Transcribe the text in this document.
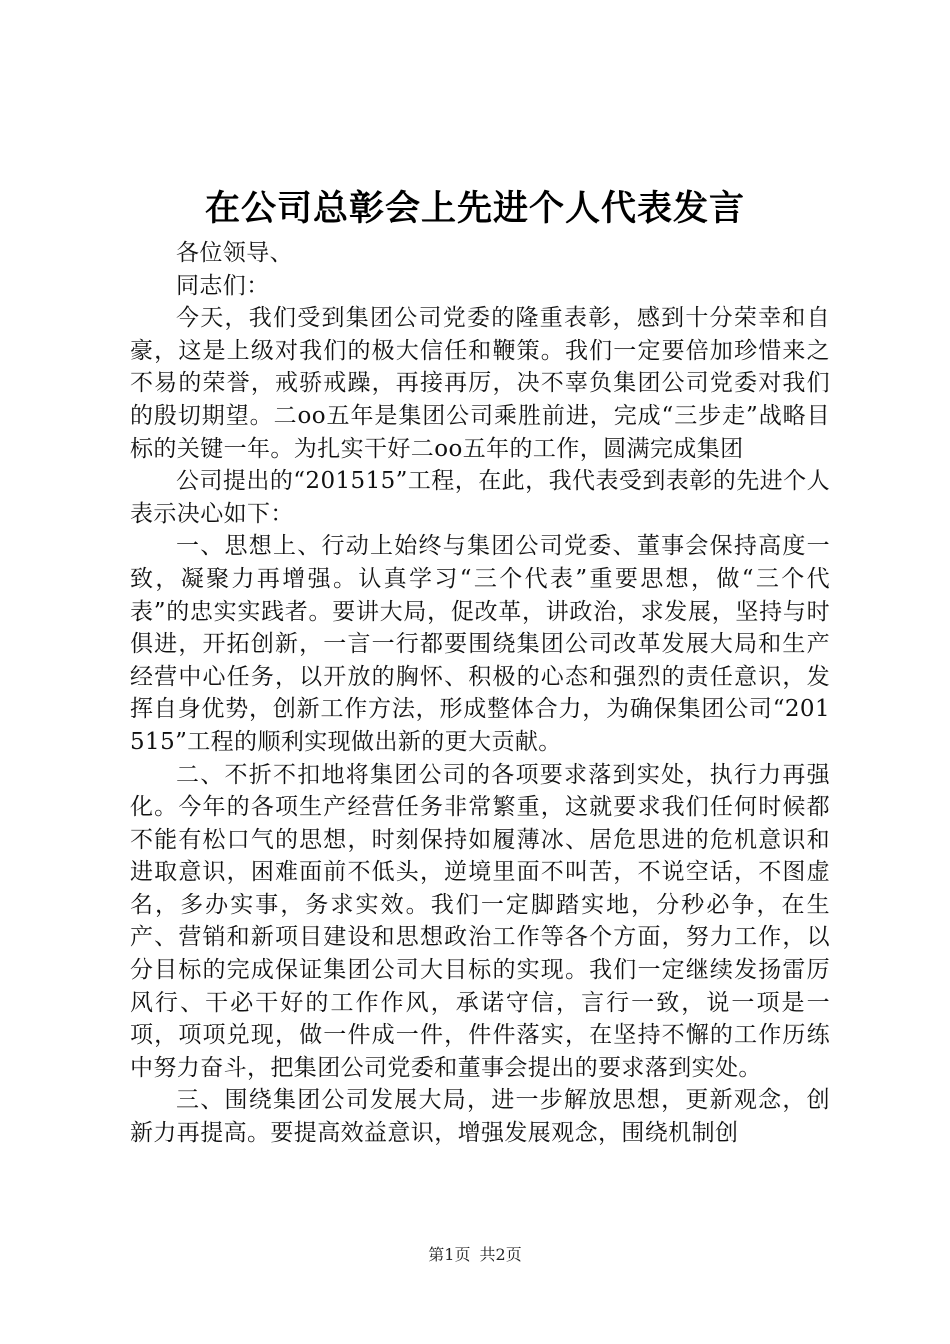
在公司总彰会上先进个人代表发言

各位领导、

同志们：

今天，我们受到集团公司党委的隆重表彰，感到十分荣幸和自豪，这是上级对我们的极大信任和鞭策。我们一定要倍加珍惜来之不易的荣誉，戒骄戒躁，再接再厉，决不辜负集团公司党委对我们的殷切期望。二oo五年是集团公司乘胜前进，完成“三步走”战略目标的关键一年。为扎实干好二oo五年的工作，圆满完成集团

公司提出的“201515”工程，在此，我代表受到表彰的先进个人表示决心如下：

一、思想上、行动上始终与集团公司党委、董事会保持高度一致，凝聚力再增强。认真学习“三个代表”重要思想，做“三个代表”的忠实实践者。要讲大局，促改革，讲政治，求发展，坚持与时俱进，开拓创新，一言一行都要围绕集团公司改革发展大局和生产经营中心任务，以开放的胸怀、积极的心态和强烈的责任意识，发挥自身优势，创新工作方法，形成整体合力，为确保集团公司“201515”工程的顺利实现做出新的更大贡献。

二、不折不扣地将集团公司的各项要求落到实处，执行力再强化。今年的各项生产经营任务非常繁重，这就要求我们任何时候都不能有松口气的思想，时刻保持如履薄冰、居危思进的危机意识和进取意识，困难面前不低头，逆境里面不叫苦，不说空话，不图虚名，多办实事，务求实效。我们一定脚踏实地，分秒必争，在生产、营销和新项目建设和思想政治工作等各个方面，努力工作，以分目标的完成保证集团公司大目标的实现。我们一定继续发扬雷厉风行、干必干好的工作作风，承诺守信，言行一致，说一项是一项，项项兑现，做一件成一件，件件落实，在坚持不懈的工作历练中努力奋斗，把集团公司党委和董事会提出的要求落到实处。

三、围绕集团公司发展大局，进一步解放思想，更新观念，创新力再提高。要提高效益意识，增强发展观念，围绕机制创

第1页 共2页
